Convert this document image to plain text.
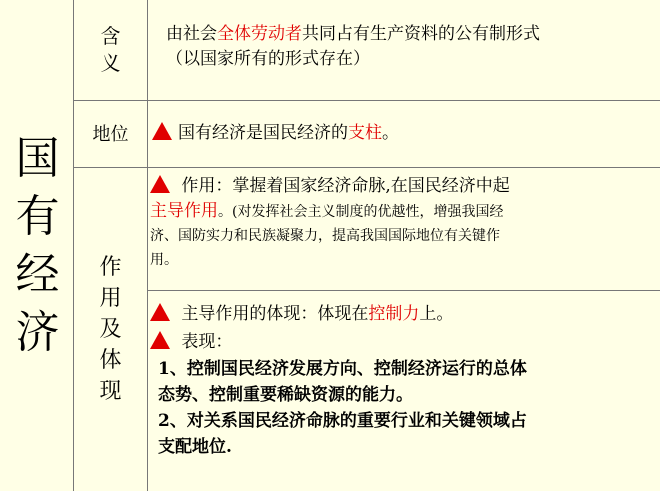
国
有
经
济
含
义
由社会全体劳动者共同占有生产资料的公有制形式
（以国家所有的形式存在）
地位	国有经济是国民经济的支柱。
作
用
及
体
现
作用：掌握着国家经济命脉,在国民经济中起
主导作用。(对发挥社会主义制度的优越性，增强我国经
济、国防实力和民族凝聚力，提高我国国际地位有关键作
用。
主导作用的体现：体现在控制力上。
表现：
1、控制国民经济发展方向、控制经济运行的总体
态势、控制重要稀缺资源的能力。
2、对关系国民经济命脉的重要行业和关键领域占
支配地位.
